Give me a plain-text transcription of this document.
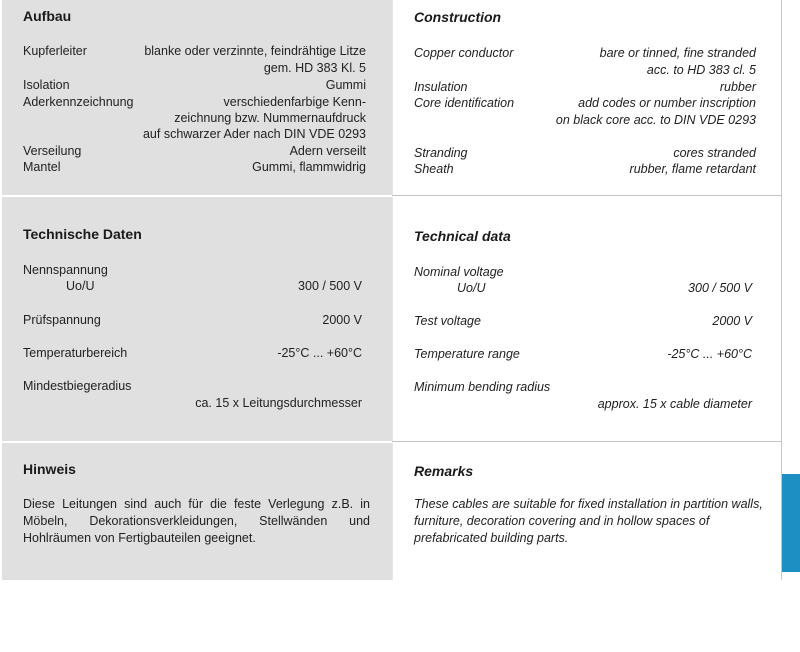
Aufbau
Kupferleiter	blanke oder verzinnte, feindrähtige Litze
gem. HD 383 Kl. 5
Isolation	Gummi
Aderkennzeichnung	verschiedenfarbige Kenn-
zeichnung bzw. Nummernaufdruck
auf schwarzer Ader nach DIN VDE 0293
Verseilung	Adern verseilt
Mantel	Gummi, flammwidrig
Technische Daten
Nennspannung
Uo/U	300 / 500 V
Prüfspannung	2000 V
Temperaturbereich	-25°C ... +60°C
Mindestbiegeradius
ca. 15 x Leitungsdurchmesser
Hinweis
Diese Leitungen sind auch für die feste Verlegung z.B. in Möbeln, Dekorationsverkleidungen, Stellwänden und Hohlräumen von Fertigbauteilen geeignet.
Construction
Copper conductor	bare or tinned, fine stranded
acc. to HD 383 cl. 5
Insulation	rubber
Core identification	add codes or number inscription
on black core acc. to DIN VDE 0293
Stranding	cores stranded
Sheath	rubber, flame retardant
Technical data
Nominal voltage
Uo/U	300 / 500 V
Test voltage	2000 V
Temperature range	-25°C ... +60°C
Minimum bending radius
approx. 15 x cable diameter
Remarks
These cables are suitable for fixed installation in partition walls, furniture, decoration covering and in hollow spaces of prefabricated building parts.
